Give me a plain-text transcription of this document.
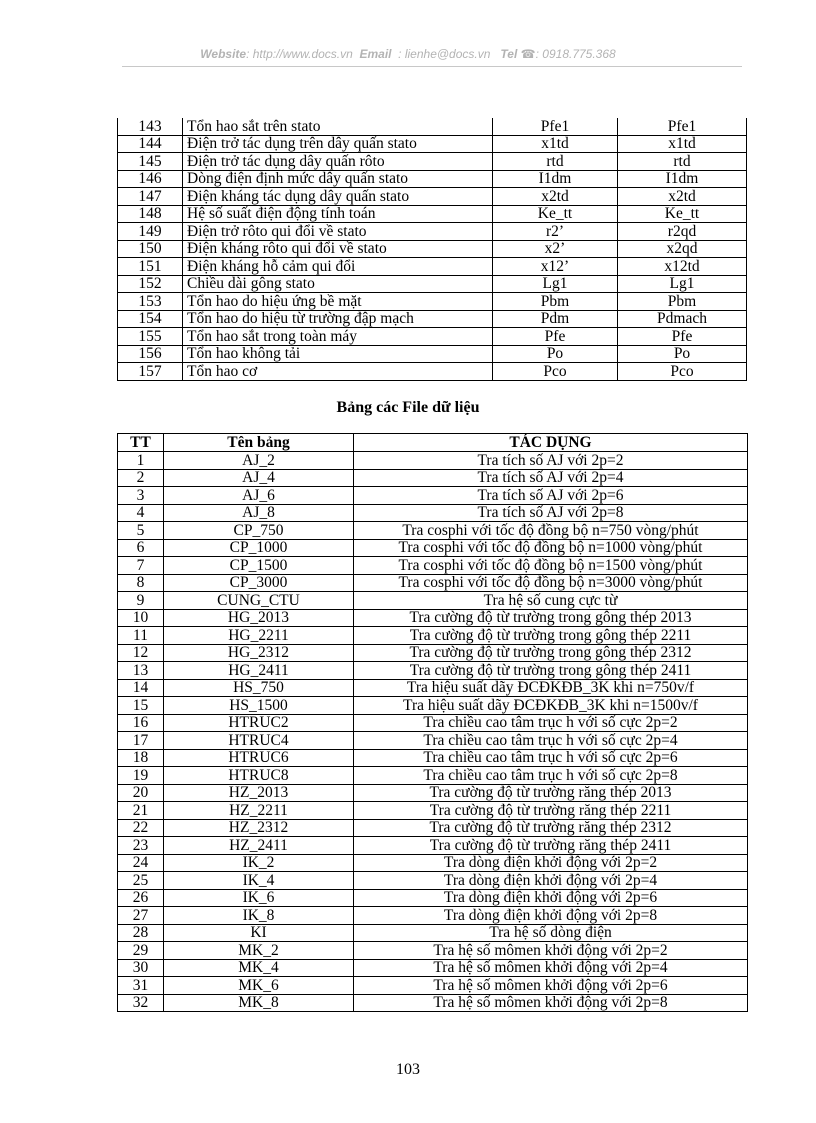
Website: http://www.docs.vn Email : lienhe@docs.vn Tel ☎: 0918.775.368
143	Tổn hao sắt trên stato	Pfe1	Pfe1
144	Điện trở tác dụng trên dây quấn stato	x1td	x1td
145	Điện trở tác dụng dây quấn rôto	rtd	rtd
146	Dòng điện định mức dây quấn stato	I1dm	I1dm
147	Điện kháng tác dụng dây quấn stato	x2td	x2td
148	Hệ số suất điện động tính toán	Ke_tt	Ke_tt
149	Điện trở rôto qui đổi về stato	r2’	r2qd
150	Điện kháng rôto qui đổi về stato	x2’	x2qd
151	Điện kháng hỗ cảm qui đổi	x12’	x12td
152	Chiều dài gông stato	Lg1	Lg1
153	Tổn hao do hiệu ứng bề mặt	Pbm	Pbm
154	Tổn hao do hiệu từ trường đập mạch	Pdm	Pdmach
155	Tổn hao sắt trong toàn máy	Pfe	Pfe
156	Tổn hao không tải	Po	Po
157	Tổn hao cơ	Pco	Pco
Bảng các File dữ liệu
TT	Tên bảng	TÁC DỤNG
1	AJ_2	Tra tích số AJ với 2p=2
2	AJ_4	Tra tích số AJ với 2p=4
3	AJ_6	Tra tích số AJ với 2p=6
4	AJ_8	Tra tích số AJ với 2p=8
5	CP_750	Tra cosphi với tốc độ đồng bộ n=750 vòng/phút
6	CP_1000	Tra cosphi với tốc độ đồng bộ n=1000 vòng/phút
7	CP_1500	Tra cosphi với tốc độ đồng bộ n=1500 vòng/phút
8	CP_3000	Tra cosphi với tốc độ đồng bộ n=3000 vòng/phút
9	CUNG_CTU	Tra hệ số cung cực từ
10	HG_2013	Tra cường độ từ trường trong gông thép 2013
11	HG_2211	Tra cường độ từ trường trong gông thép 2211
12	HG_2312	Tra cường độ từ trường trong gông thép 2312
13	HG_2411	Tra cường độ từ trường trong gông thép 2411
14	HS_750	Tra hiệu suất dãy ĐCĐKĐB_3K khi n=750v/f
15	HS_1500	Tra hiệu suất dãy ĐCĐKĐB_3K khi n=1500v/f
16	HTRUC2	Tra chiều cao tâm trục h với số cực 2p=2
17	HTRUC4	Tra chiều cao tâm trục h với số cực 2p=4
18	HTRUC6	Tra chiều cao tâm trục h với số cực 2p=6
19	HTRUC8	Tra chiều cao tâm trục h với số cực 2p=8
20	HZ_2013	Tra cường độ từ trường răng thép 2013
21	HZ_2211	Tra cường độ từ trường răng thép 2211
22	HZ_2312	Tra cường độ từ trường răng thép 2312
23	HZ_2411	Tra cường độ từ trường răng thép 2411
24	IK_2	Tra dòng điện khởi động với 2p=2
25	IK_4	Tra dòng điện khởi động với 2p=4
26	IK_6	Tra dòng điện khởi động với 2p=6
27	IK_8	Tra dòng điện khởi động với 2p=8
28	KI	Tra hệ số dòng điện
29	MK_2	Tra hệ số mômen khởi động với 2p=2
30	MK_4	Tra hệ số mômen khởi động với 2p=4
31	MK_6	Tra hệ số mômen khởi động với 2p=6
32	MK_8	Tra hệ số mômen khởi động với 2p=8
103
